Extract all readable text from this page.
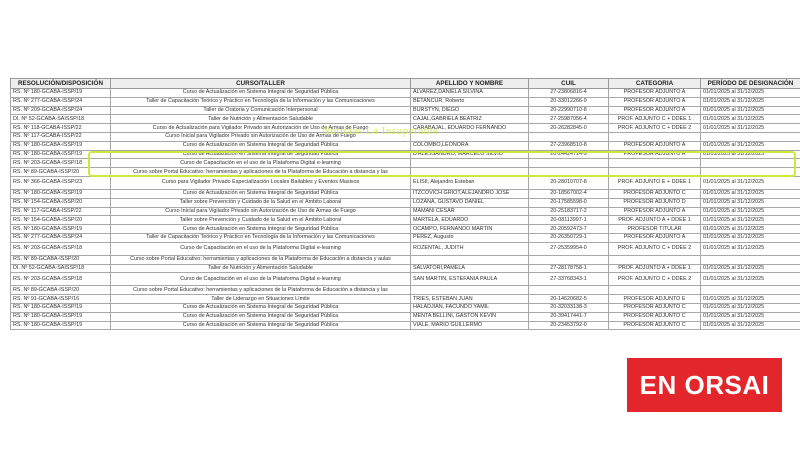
RESOLUCIÓN/DISPOSICIÓN	CURSO/TALLER	APELLIDO Y NOMBRE	CUIL	CATEGORIA	PERÍODO DE DESIGNACIÓN
RS. Nº 180-GCABA-ISSP/19	Curso de Actualización en Sistema Integral de Seguridad Pública	ALVAREZ,DANIELA SILVINA	27-23806816-4	PROFESOR ADJUNTO A	01/01/2025 al 31/12/2025
RS. Nº 277-GCABA-ISSP/24	Taller de Capacitación Teórico y Práctico en Tecnología de la Información y las Comunicaciones	BETANCUR, Roberto	20-33012266-9	PROFESOR ADJUNTO A	01/01/2025 al 31/12/2025
RS. Nº 209-GCABA-ISSP/24	Taller de Oratoria y Comunicación Interpersonal	BURSTYN, DIEGO	20-22990710-8	PROFESOR ADJUNTO A	01/01/2025 al 31/12/2025
DI. Nº 52-GCABA-SAISSP/18	Taller de Nutrición y Alimentación Saludable	CAJAL,GABRIELA BEATRIZ	27-25987056-4	PROF. ADJUNTO C + DDEE 1	01/01/2025 al 31/12/2025
RS. Nº 118-GCABA-ISSP/22	Curso de Actualización para Vigilador Privado sin Autorización de Uso de Armas de Fuego	CARABAJAL, EDUARDO FERNANDO	20-26282845-0	PROF. ADJUNTO C + DDEE 2	01/01/2025 al 31/12/2025
RS. Nº 117-GCABA-ISSP/22	Curso Inicial para Vigilador Privado sin Autorización de Uso de Armas de Fuego				
RS. Nº 180-GCABA-ISSP/19	Curso de Actualización en Sistema Integral de Seguridad Pública	COLOMBO,LEONORA	27-23968510-8	PROFESOR ADJUNTO A	01/01/2025 al 31/12/2025
RS. Nº 180-GCABA-ISSP/19	Curso de Actualización en Sistema Integral de Seguridad Pública	D'ALESSANDRO, MARCELO SILVIO	20-24424714-9	PROFESOR ADJUNTO A	01/01/2025 al 31/12/2025
RS. Nº 203-GCABA-ISSP/18	Curso de Capacitación en el uso de la Plataforma Digital e-learning				
RS. Nº 89-GCABA-ISSP/20	Curso sobre Portal Educativo: herramientas y aplicaciones de la Plataforma de Educación a distancia y las				
RS. Nº 366-GCABA-ISSP/23	Curso para Vigilador Privado Especialización Locales Bailables y Eventos Masivos	ELISII, Alejandro Esteban	20-28010707-8	PROF. ADJUNTO E + DDEE 1	01/01/2025 al 31/12/2025
RS. Nº 180-GCABA-ISSP/19	Curso de Actualización en Sistema Integral de Seguridad Pública	ITZCOVICH GRIOT,ALEJANDRO JOSE	20-18567002-4	PROFESOR ADJUNTO C	01/01/2025 al 31/12/2025
RS. Nº 154-GCABA-ISSP/20	Taller sobre Prevención y Cuidado de la Salud en el Ámbito Laboral	LOZANA, GUSTAVO DANIEL	20-17585598-0	PROFESOR ADJUNTO D	01/01/2025 al 31/12/2025
RS. Nº 117-GCABA-ISSP/22	Curso Inicial para Vigilador Privado sin Autorización de Uso de Armas de Fuego	MAMANI CESAR	20-25183717-2	PROFESOR ADJUNTO A	01/01/2025 al 31/12/2025
RS. Nº 154-GCABA-ISSP/20	Taller sobre Prevención y Cuidado de la Salud en el Ámbito Laboral	MARTELA, EDUARDO	20-08113997-1	PROF. ADJUNTO A + DDEE 1	01/01/2025 al 31/12/2025
RS. Nº 180-GCABA-ISSP/19	Curso de Actualización en Sistema Integral de Seguridad Pública	OCAMPO, FERNANDO MARTIN	20-20592473-7	PROFESOR TITULAR	01/01/2025 al 31/12/2025
RS. Nº 277-GCABA-ISSP/24	Taller de Capacitación Teórico y Práctico en Tecnología de la Información y las Comunicaciones	PEREZ, Augusto	20-26350729-1	PROFESOR ADJUNTO A	01/01/2025 al 31/12/2025
RS. Nº 203-GCABA-ISSP/18	Curso de Capacitación en el uso de la Plataforma Digital e-learning	ROZENTAL, JUDITH	27-25359954-0	PROF. ADJUNTO C + DDEE 2	01/01/2025 al 31/12/2025
RS. Nº 89-GCABA-ISSP/20	Curso sobre Portal Educativo: herramientas y aplicaciones de la Plataforma de Educación a distancia y aulas				
DI. Nº 52-GCABA-SAISSP/18	Taller de Nutrición y Alimentación Saludable	SALVATORI,PAMELA	27-28178758-1	PROF. ADJUNTO A + DDEE 1	01/01/2025 al 31/12/2025
RS. Nº 203-GCABA-ISSP/18	Curso de Capacitación en el uso de la Plataforma Digital e-learning	SAN MARTIN, ESTEFANIA PAULA	27-33768343-1	PROF. ADJUNTO C + DDEE 2	01/01/2025 al 31/12/2025
RS. Nº 89-GCABA-ISSP/20	Curso sobre Portal Educativo: herramientas y aplicaciones de la Plataforma de Educación a distancia y las				
RS. Nº 91-GCABA-ISSP/16	Taller de Liderazgo en Situaciones Límite	TRIES, ESTEBAN JUAN	20-14620682-5	PROFESOR ADJUNTO E	01/01/2025 al 31/12/2025
RS. Nº 180-GCABA-ISSP/19	Curso de Actualización en Sistema Integral de Seguridad Pública	HALADJIAN, FACUNDO YAMIL	20-32033138-3	PROFESOR ADJUNTO C	01/01/2025 al 31/12/2025
RS. Nº 180-GCABA-ISSP/19	Curso de Actualización en Sistema Integral de Seguridad Pública	MENTA BELLINI, GASTON KEVIN	20-39417441-7	PROFESOR ADJUNTO C	01/01/2025 al 31/12/2025
RS. Nº 180-GCABA-ISSP/19	Curso de Actualización en Sistema Integral de Seguridad Pública	VIALE, MARIO GUILLERMO	20-23453792-0	PROFESOR ADJUNTO C	01/01/2025 al 31/12/2025
Noticias La Insuperable
EN ORSAI
